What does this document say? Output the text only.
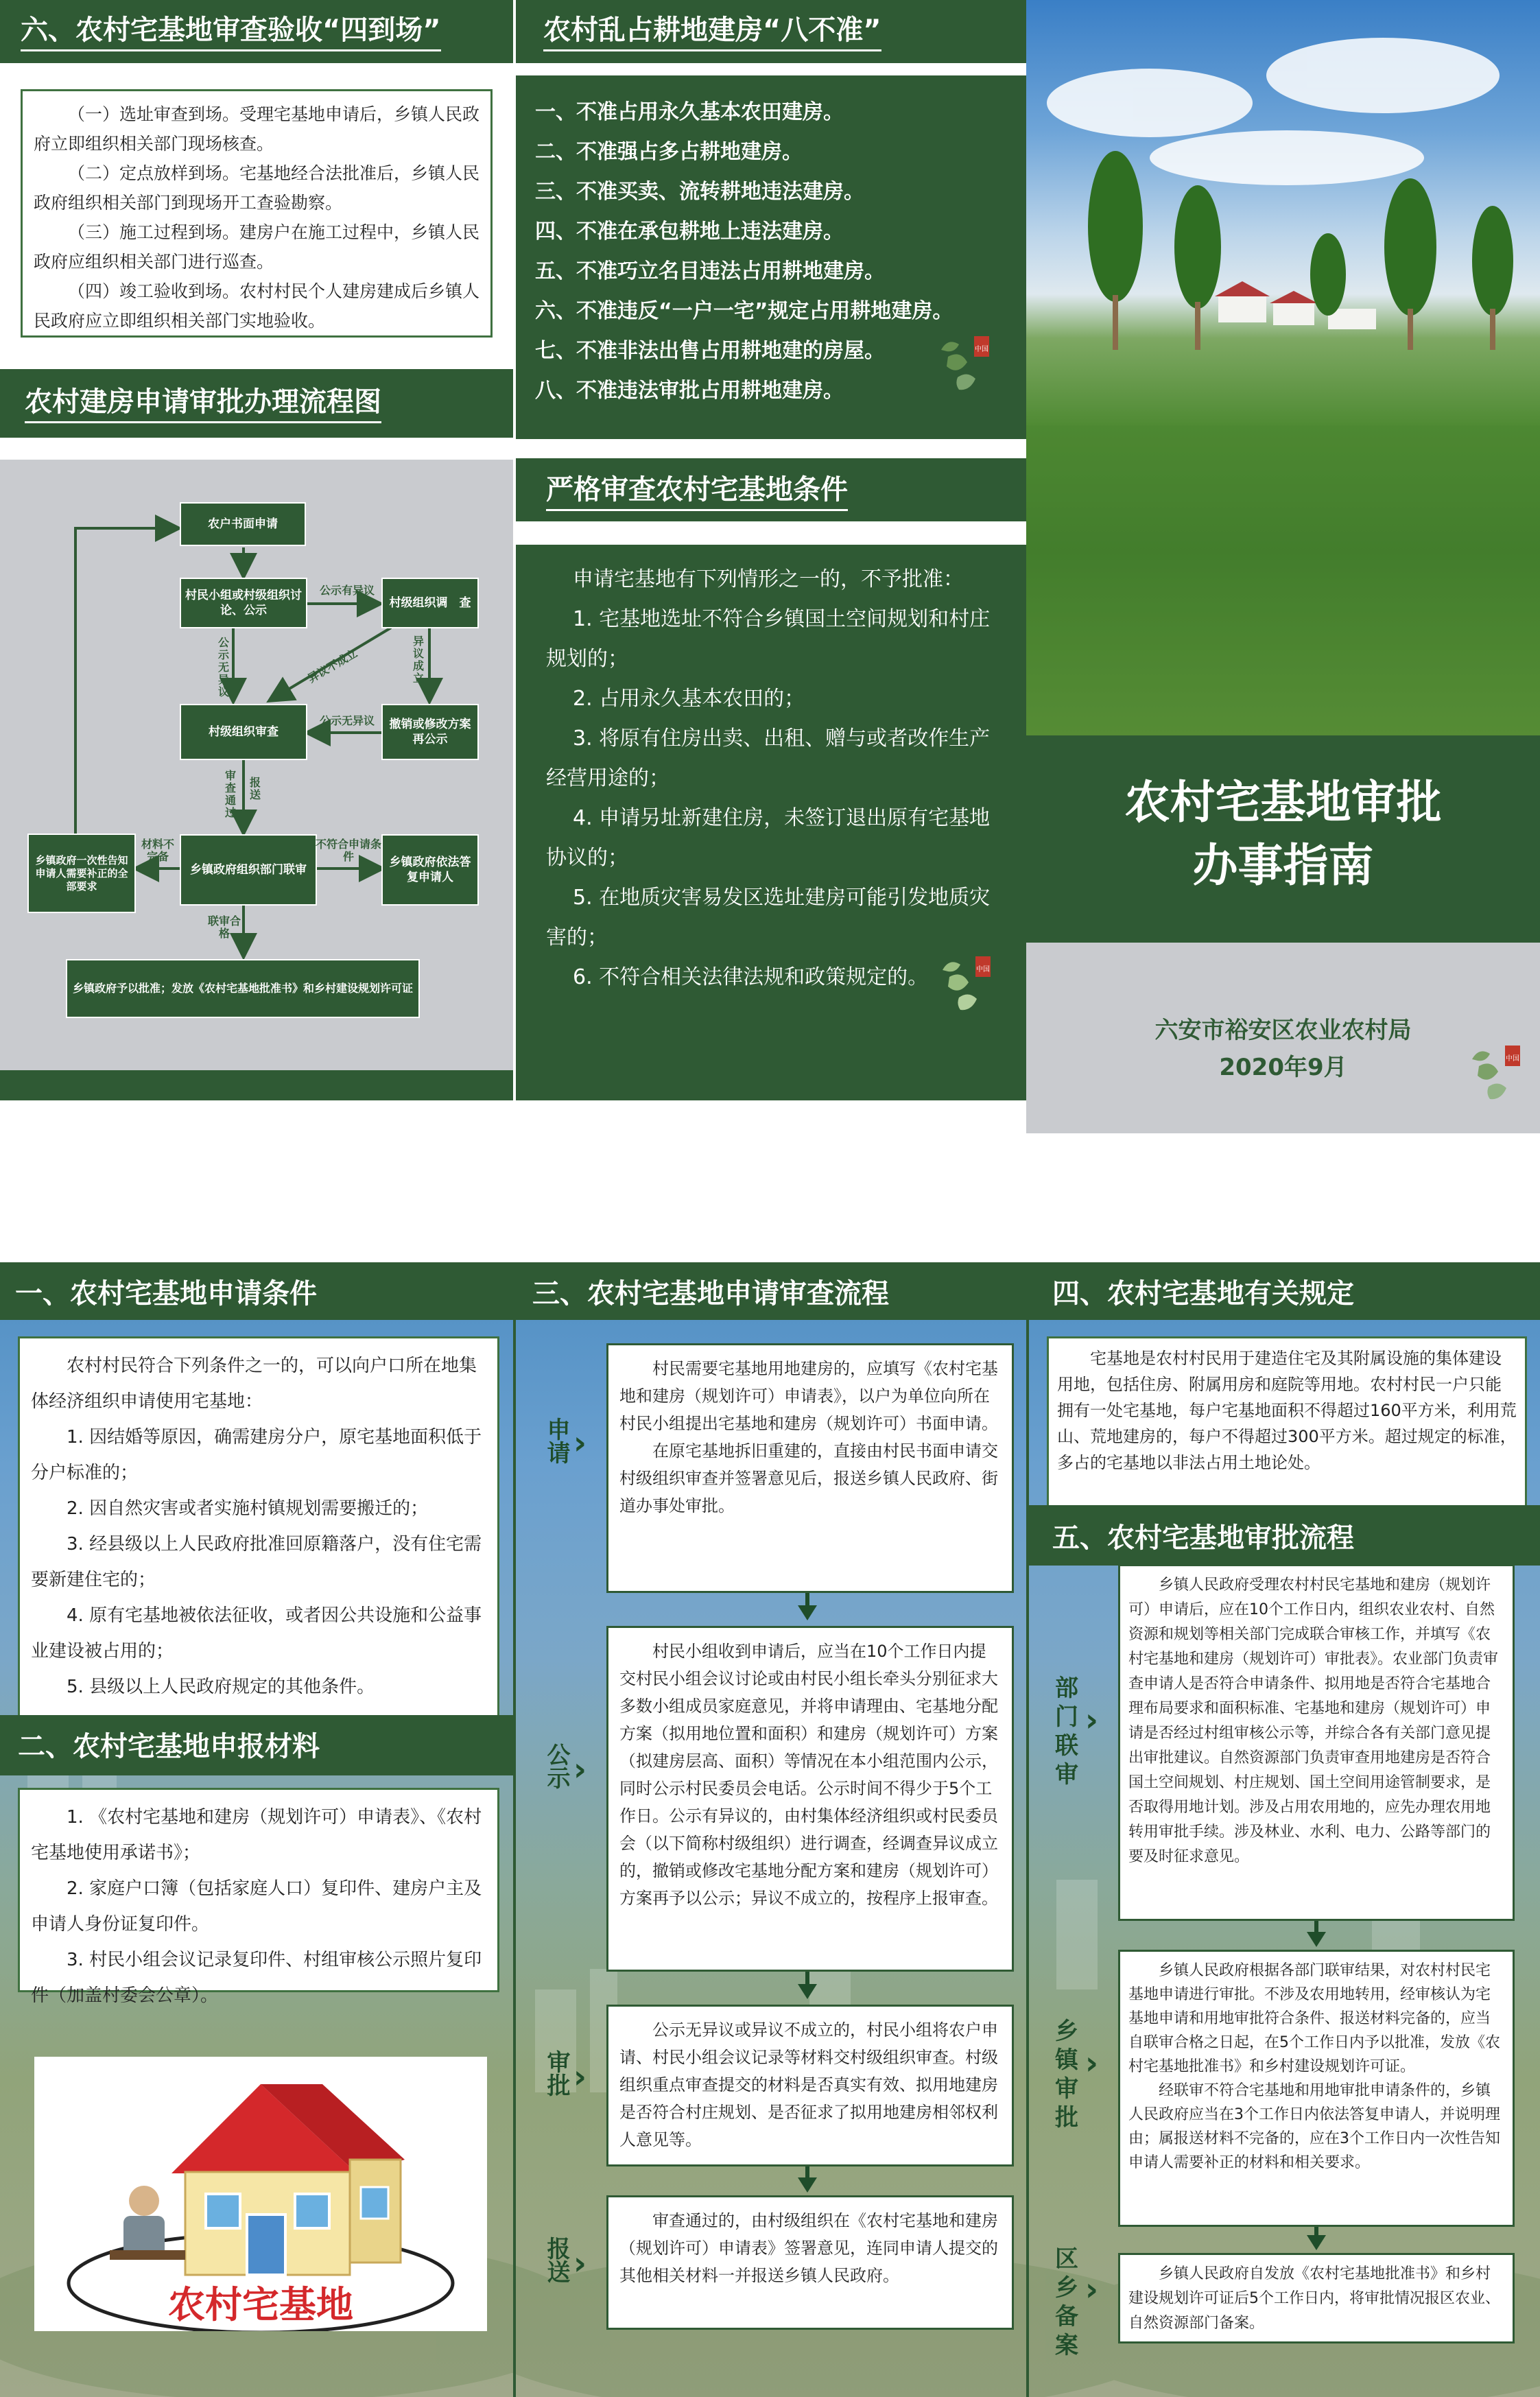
六、农村宅基地审查验收“四到场”

（一）选址审查到场。受理宅基地申请后，乡镇人民政府立即组织相关部门现场核查。

（二）定点放样到场。宅基地经合法批准后，乡镇人民政府组织相关部门到现场开工查验勘察。

（三）施工过程到场。建房户在施工过程中，乡镇人民政府应组织相关部门进行巡查。

（四）竣工验收到场。农村村民个人建房建成后乡镇人民政府应立即组织相关部门实地验收。

农村建房申请审批办理流程图
农户书面申请
村民小组或村级组织讨论、公示
村级组织调　查
村级组织审查
撤销或修改方案再公示
乡镇政府组织部门联审
乡镇政府依法答复申请人
乡镇政府一次性告知申请人需要补正的全部要求
乡镇政府予以批准；发放《农村宅基地批准书》和乡村建设规划许可证
公示有异议
公示无异议
异议不成立
异议成立
公示无异议
审查通过
报送
材料不完备
不符合申请条件
联审合格
农村乱占耕地建房“八不准”
一、不准占用永久基本农田建房。
二、不准强占多占耕地建房。
三、不准买卖、流转耕地违法建房。
四、不准在承包耕地上违法建房。
五、不准巧立名目违法占用耕地建房。
六、不准违反“一户一宅”规定占用耕地建房。
七、不准非法出售占用耕地建的房屋。
八、不准违法审批占用耕地建房。
中国
严格审查农村宅基地条件

申请宅基地有下列情形之一的，不予批准：

1. 宅基地选址不符合乡镇国土空间规划和村庄规划的；

2. 占用永久基本农田的；

3. 将原有住房出卖、出租、赠与或者改作生产经营用途的；

4. 申请另址新建住房，未签订退出原有宅基地协议的；

5. 在地质灾害易发区选址建房可能引发地质灾害的；

6. 不符合相关法律法规和政策规定的。	中国
农村宅基地审批
办事指南
六安市裕安区农业农村局
2020年9月	中国
一、农村宅基地申请条件

农村村民符合下列条件之一的，可以向户口所在地集体经济组织申请使用宅基地：

1. 因结婚等原因，确需建房分户，原宅基地面积低于分户标准的；

2. 因自然灾害或者实施村镇规划需要搬迁的；

3. 经县级以上人民政府批准回原籍落户，没有住宅需要新建住宅的；

4. 原有宅基地被依法征收，或者因公共设施和公益事业建设被占用的；

5. 县级以上人民政府规定的其他条件。

二、农村宅基地申报材料

1. 《农村宅基地和建房（规划许可）申请表》、《农村宅基地使用承诺书》；

2. 家庭户口簿（包括家庭人口）复印件、建房户主及申请人身份证复印件。

3. 村民小组会议记录复印件、村组审核公示照片复印件（加盖村委会公章）。

农村宅基地
三、农村宅基地申请审查流程
申请 ›

村民需要宅基地用地建房的，应填写《农村宅基地和建房（规划许可）申请表》，以户为单位向所在村民小组提出宅基地和建房（规划许可）书面申请。

在原宅基地拆旧重建的，直接由村民书面申请交村级组织审查并签署意见后，报送乡镇人民政府、街道办事处审批。

公示 ›

村民小组收到申请后，应当在10个工作日内提交村民小组会议讨论或由村民小组长牵头分别征求大多数小组成员家庭意见，并将申请理由、宅基地分配方案（拟用地位置和面积）和建房（规划许可）方案（拟建房层高、面积）等情况在本小组范围内公示，同时公示村民委员会电话。公示时间不得少于5个工作日。公示有异议的，由村集体经济组织或村民委员会（以下简称村级组织）进行调查，经调查异议成立的，撤销或修改宅基地分配方案和建房（规划许可）方案再予以公示；异议不成立的，按程序上报审查。

审批 ›

公示无异议或异议不成立的，村民小组将农户申请、村民小组会议记录等材料交村级组织审查。村级组织重点审查提交的材料是否真实有效、拟用地建房是否符合村庄规划、是否征求了拟用地建房相邻权利人意见等。

报送 ›

审查通过的，由村级组织在《农村宅基地和建房（规划许可）申请表》签署意见，连同申请人提交的其他相关材料一并报送乡镇人民政府。

四、农村宅基地有关规定

宅基地是农村村民用于建造住宅及其附属设施的集体建设用地，包括住房、附属用房和庭院等用地。农村村民一户只能拥有一处宅基地，每户宅基地面积不得超过160平方米，利用荒山、荒地建房的，每户不得超过300平方米。超过规定的标准，多占的宅基地以非法占用土地论处。

五、农村宅基地审批流程
部门联审
›

乡镇人民政府受理农村村民宅基地和建房（规划许可）申请后，应在10个工作日内，组织农业农村、自然资源和规划等相关部门完成联合审核工作，并填写《农村宅基地和建房（规划许可）审批表》。农业部门负责审查申请人是否符合申请条件、拟用地是否符合宅基地合理布局要求和面积标准、宅基地和建房（规划许可）申请是否经过村组审核公示等，并综合各有关部门意见提出审批建议。自然资源部门负责审查用地建房是否符合国土空间规划、村庄规划、国土空间用途管制要求，是否取得用地计划。涉及占用农用地的，应先办理农用地转用审批手续。涉及林业、水利、电力、公路等部门的要及时征求意见。

乡镇审批
›

乡镇人民政府根据各部门联审结果，对农村村民宅基地申请进行审批。不涉及农用地转用，经审核认为宅基地申请和用地审批符合条件、报送材料完备的，应当自联审合格之日起，在5个工作日内予以批准，发放《农村宅基地批准书》和乡村建设规划许可证。

经联审不符合宅基地和用地审批申请条件的，乡镇人民政府应当在3个工作日内依法答复申请人，并说明理由；属报送材料不完备的，应在3个工作日内一次性告知申请人需要补正的材料和相关要求。

区乡备案
›	乡镇人民政府自发放《农村宅基地批准书》和乡村建设规划许可证后5个工作日内，将审批情况报区农业、自然资源部门备案。
